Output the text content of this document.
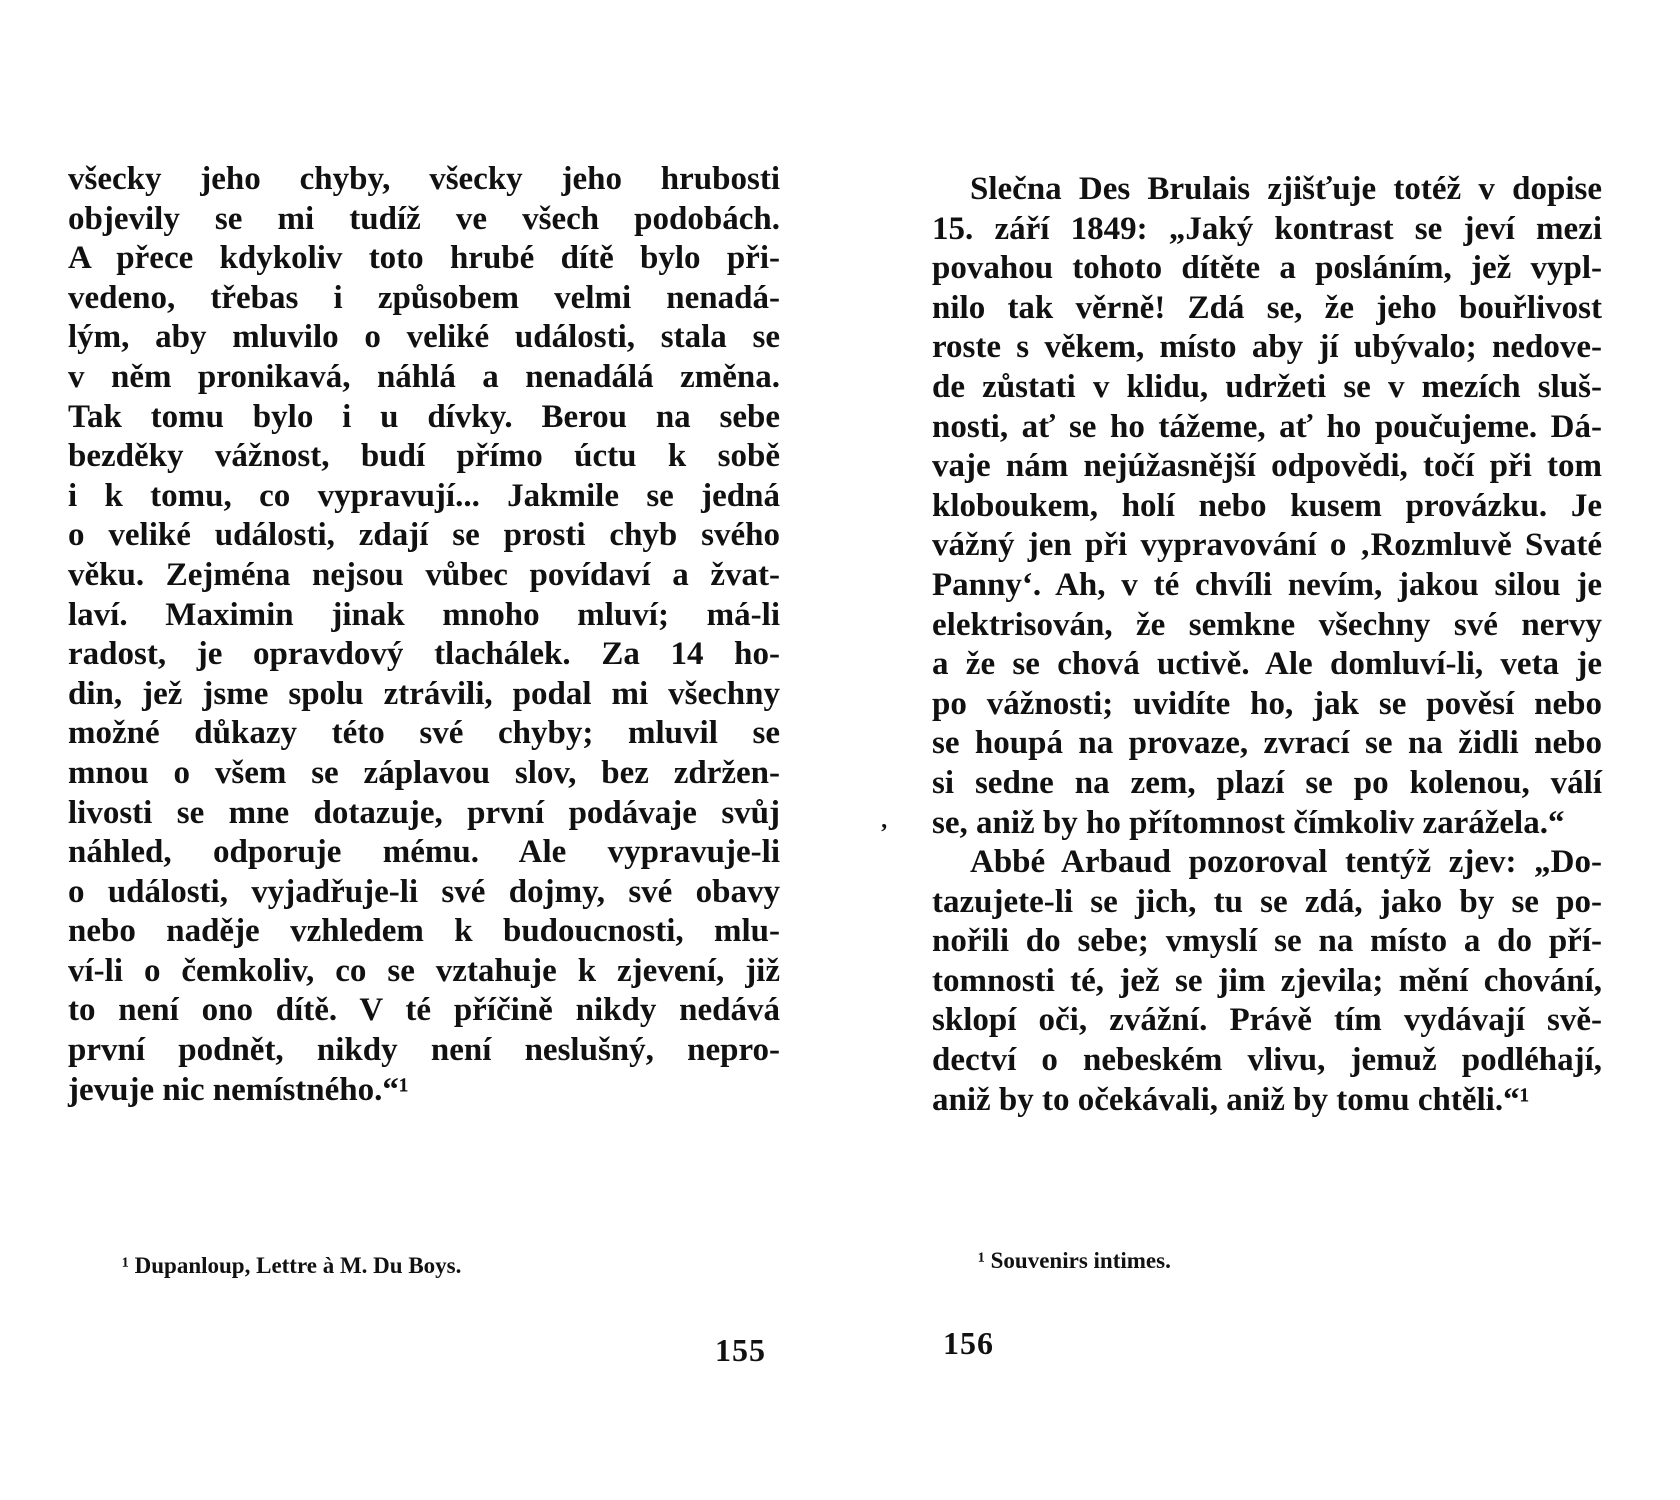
všecky jeho chyby, všecky jeho hrubosti
objevily se mi tudíž ve všech podobách.
A přece kdykoliv toto hrubé dítě bylo při-
vedeno, třebas i způsobem velmi nenadá-
lým, aby mluvilo o veliké události, stala se
v něm pronikavá, náhlá a nenadálá změna.
Tak tomu bylo i u dívky. Berou na sebe
bezděky vážnost, budí přímo úctu k sobě
i k tomu, co vypravují... Jakmile se jedná
o veliké události, zdají se prosti chyb svého
věku. Zejména nejsou vůbec povídaví a žvat-
laví. Maximin jinak mnoho mluví; má-li
radost, je opravdový tlachálek. Za 14 ho-
din, jež jsme spolu ztrávili, podal mi všechny
možné důkazy této své chyby; mluvil se
mnou o všem se záplavou slov, bez zdržen-
livosti se mne dotazuje, první podávaje svůj
náhled, odporuje mému. Ale vypravuje-li
o události, vyjadřuje-li své dojmy, své obavy
nebo naděje vzhledem k budoucnosti, mlu-
ví-li o čemkoliv, co se vztahuje k zjevení, již
to není ono dítě. V té příčině nikdy nedává
první podnět, nikdy není neslušný, nepro-
jevuje nic nemístného.“¹
¹ Dupanloup, Lettre à M. Du Boys.
155
ʼ
Slečna Des Brulais zjišťuje totéž v dopise
15. září 1849: „Jaký kontrast se jeví mezi
povahou tohoto dítěte a posláním, jež vypl-
nilo tak věrně! Zdá se, že jeho bouřlivost
roste s věkem, místo aby jí ubývalo; nedove-
de zůstati v klidu, udržeti se v mezích sluš-
nosti, ať se ho tážeme, ať ho poučujeme. Dá-
vaje nám nejúžasnější odpovědi, točí při tom
kloboukem, holí nebo kusem provázku. Je
vážný jen při vypravování o ‚Rozmluvě Svaté
Panny‘. Ah, v té chvíli nevím, jakou silou je
elektrisován, že semkne všechny své nervy
a že se chová uctivě. Ale domluví-li, veta je
po vážnosti; uvidíte ho, jak se pověsí nebo
se houpá na provaze, zvrací se na židli nebo
si sedne na zem, plazí se po kolenou, válí
se, aniž by ho přítomnost čímkoliv zarážela.“
Abbé Arbaud pozoroval tentýž zjev: „Do-
tazujete-li se jich, tu se zdá, jako by se po-
nořili do sebe; vmyslí se na místo a do pří-
tomnosti té, jež se jim zjevila; mění chování,
sklopí oči, zvážní. Právě tím vydávají svě-
dectví o nebeském vlivu, jemuž podléhají,
aniž by to očekávali, aniž by tomu chtěli.“¹
¹ Souvenirs intimes.
156
